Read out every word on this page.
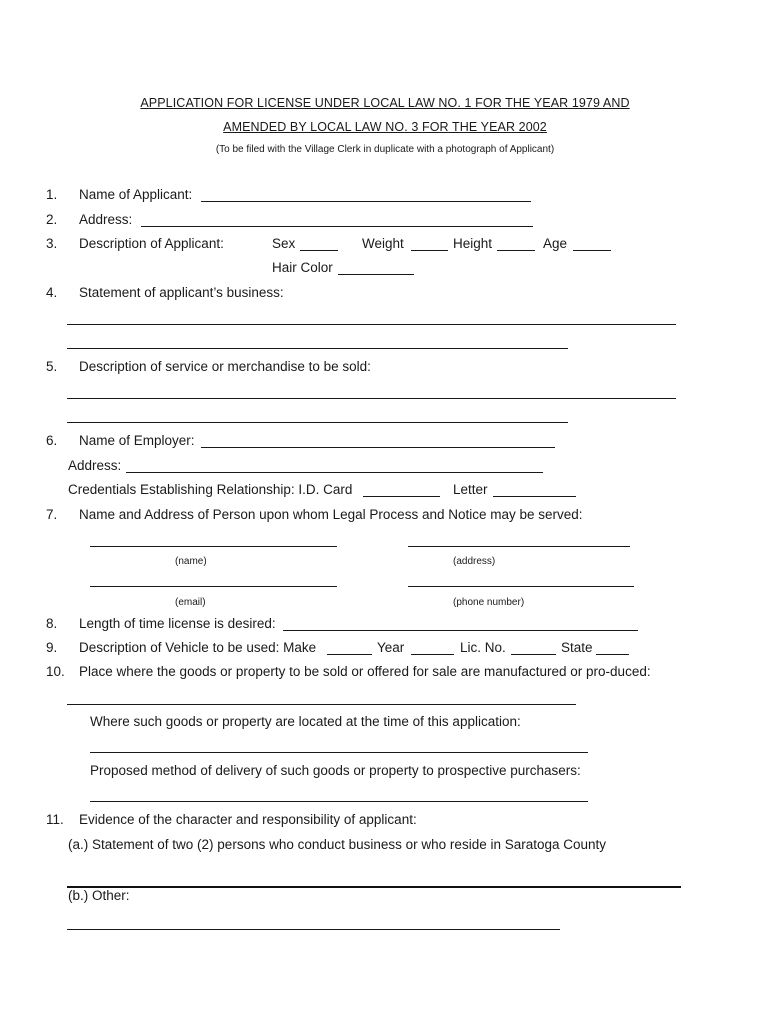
APPLICATION FOR LICENSE UNDER LOCAL LAW NO. 1 FOR THE YEAR 1979 AND
AMENDED BY LOCAL LAW NO. 3 FOR THE YEAR 2002
(To be filed with the Village Clerk in duplicate with a photograph of Applicant)
1. Name of Applicant:
2. Address:
3. Description of Applicant:	Sex	Weight	Height	Age
Hair Color
4. Statement of applicant’s business:
5. Description of service or merchandise to be sold:
6. Name of Employer:
Address:
Credentials Establishing Relationship: I.D. Card	Letter
7. Name and Address of Person upon whom Legal Process and Notice may be served:
(name)	(address)
(email)	(phone number)
8. Length of time license is desired:
9. Description of Vehicle to be used: Make	Year	Lic. No.	State
10. Place where the goods or property to be sold or offered for sale are manufactured or pro-duced:
Where such goods or property are located at the time of this application:
Proposed method of delivery of such goods or property to prospective purchasers:
11. Evidence of the character and responsibility of applicant:
(a.) Statement of two (2) persons who conduct business or who reside in Saratoga County
(b.) Other:
